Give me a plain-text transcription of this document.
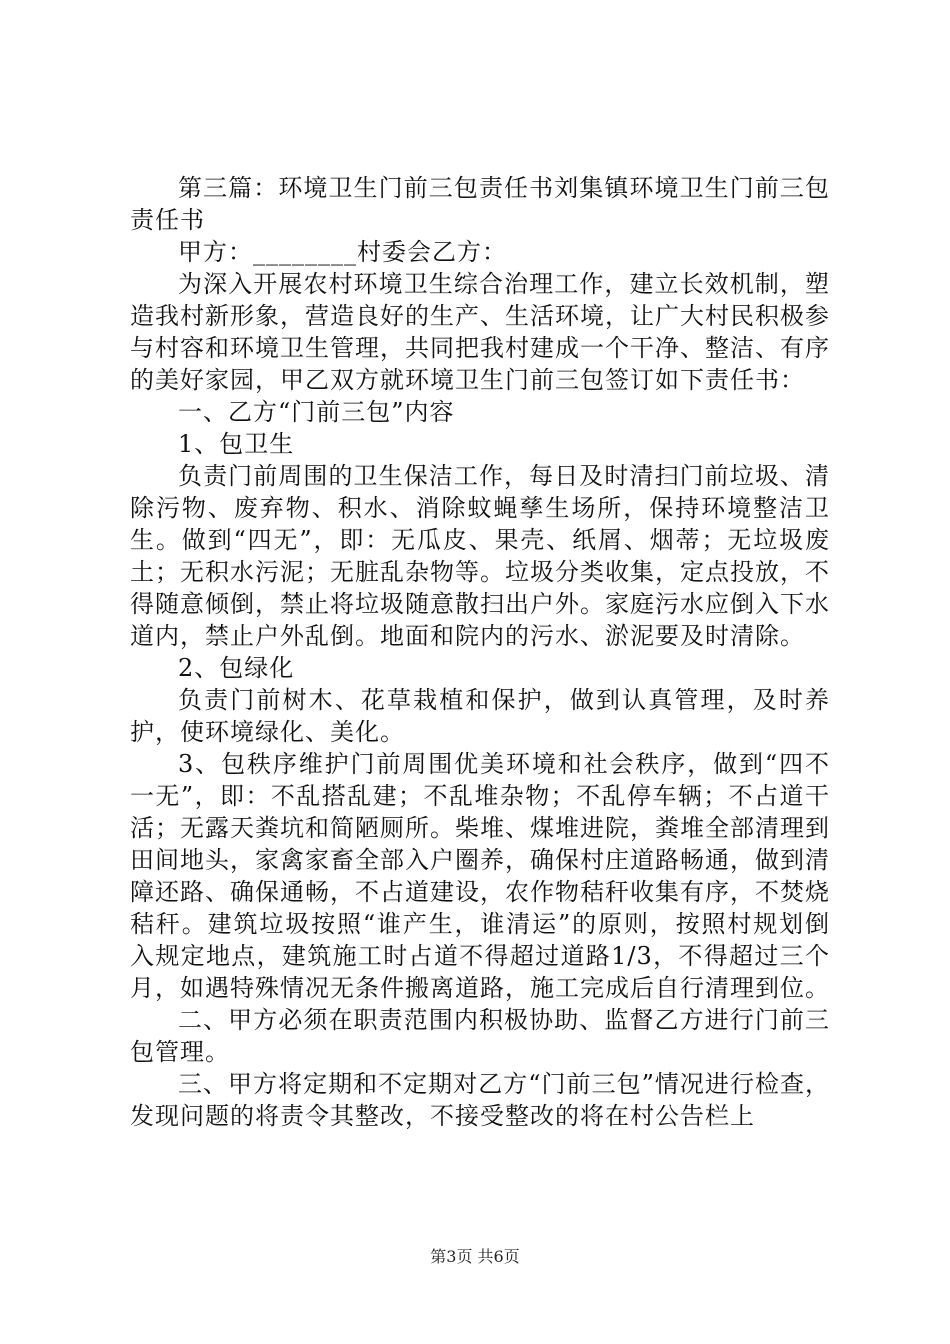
第三篇：环境卫生门前三包责任书刘集镇环境卫生门前三包责任书

甲方：________村委会乙方：

为深入开展农村环境卫生综合治理工作，建立长效机制，塑造我村新形象，营造良好的生产、生活环境，让广大村民积极参与村容和环境卫生管理，共同把我村建成一个干净、整洁、有序的美好家园，甲乙双方就环境卫生门前三包签订如下责任书：

一、乙方“门前三包”内容

1、包卫生

负责门前周围的卫生保洁工作，每日及时清扫门前垃圾、清除污物、废弃物、积水、消除蚊蝇孳生场所，保持环境整洁卫生。做到“四无”，即：无瓜皮、果壳、纸屑、烟蒂；无垃圾废土；无积水污泥；无脏乱杂物等。垃圾分类收集，定点投放，不得随意倾倒，禁止将垃圾随意散扫出户外。家庭污水应倒入下水道内，禁止户外乱倒。地面和院内的污水、淤泥要及时清除。

2、包绿化

负责门前树木、花草栽植和保护，做到认真管理，及时养护，使环境绿化、美化。

3、包秩序维护门前周围优美环境和社会秩序，做到“四不一无”，即：不乱搭乱建；不乱堆杂物；不乱停车辆；不占道干活；无露天粪坑和简陋厕所。柴堆、煤堆进院，粪堆全部清理到田间地头，家禽家畜全部入户圈养，确保村庄道路畅通，做到清障还路、确保通畅，不占道建设，农作物秸秆收集有序，不焚烧秸秆。建筑垃圾按照“谁产生，谁清运”的原则，按照村规划倒入规定地点，建筑施工时占道不得超过道路1/3，不得超过三个月，如遇特殊情况无条件搬离道路，施工完成后自行清理到位。

二、甲方必须在职责范围内积极协助、监督乙方进行门前三包管理。

三、甲方将定期和不定期对乙方“门前三包”情况进行检查，发现问题的将责令其整改，不接受整改的将在村公告栏上

第3页 共6页
